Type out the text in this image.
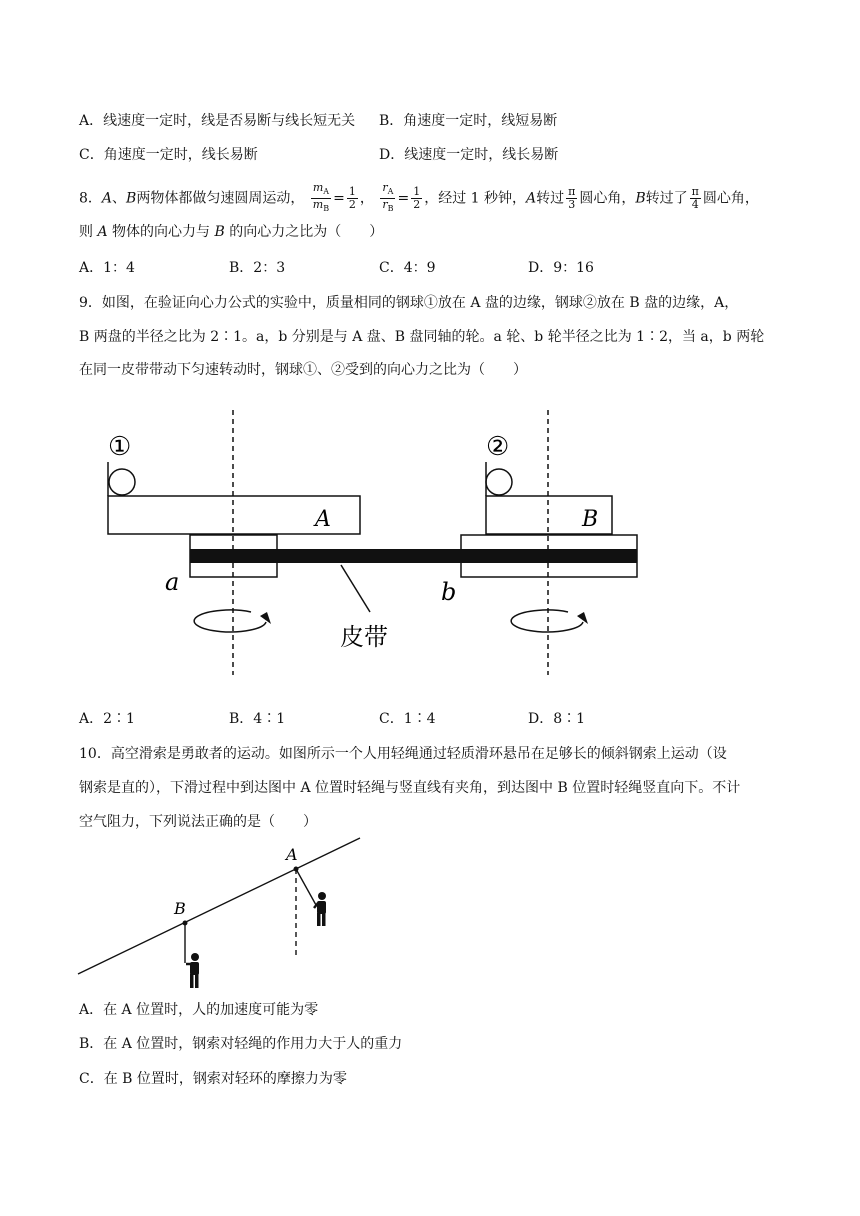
A．线速度一定时，线是否易断与线长短无关 B．角速度一定时，线短易断
C．角速度一定时，线长易断	D．线速度一定时，线长易断
8．A、B两物体都做匀速圆周运动， $\frac{m_A}{m_B} = \frac{1}{2}$ ， $\frac{r_A}{r_B} = \frac{1}{2}$ ，经过 1 秒钟，A转过 $\frac{\pi}{3}$ 圆心角，B转过了 $\frac{\pi}{4}$ 圆心角，
则 A 物体的向心力与 B 的向心力之比为（　　）
A．1：4	B．2：3	C．4：9	D．9：16
9．如图，在验证向心力公式的实验中，质量相同的钢球①放在 A 盘的边缘，钢球②放在 B 盘的边缘，A，
B 两盘的半径之比为 2∶1。a，b 分别是与 A 盘、B 盘同轴的轮。a 轮、b 轮半径之比为 1∶2，当 a，b 两轮
在同一皮带带动下匀速转动时，钢球①、②受到的向心力之比为（　　）
①	②
A	B
a	b
皮带
A．2∶1	B．4∶1	C．1∶4	D．8∶1
10．高空滑索是勇敢者的运动。如图所示一个人用轻绳通过轻质滑环悬吊在足够长的倾斜钢索上运动（设
钢索是直的），下滑过程中到达图中 A 位置时轻绳与竖直线有夹角，到达图中 B 位置时轻绳竖直向下。不计
空气阻力，下列说法正确的是（　　）
A
B
A．在 A 位置时，人的加速度可能为零
B．在 A 位置时，钢索对轻绳的作用力大于人的重力
C．在 B 位置时，钢索对轻环的摩擦力为零
